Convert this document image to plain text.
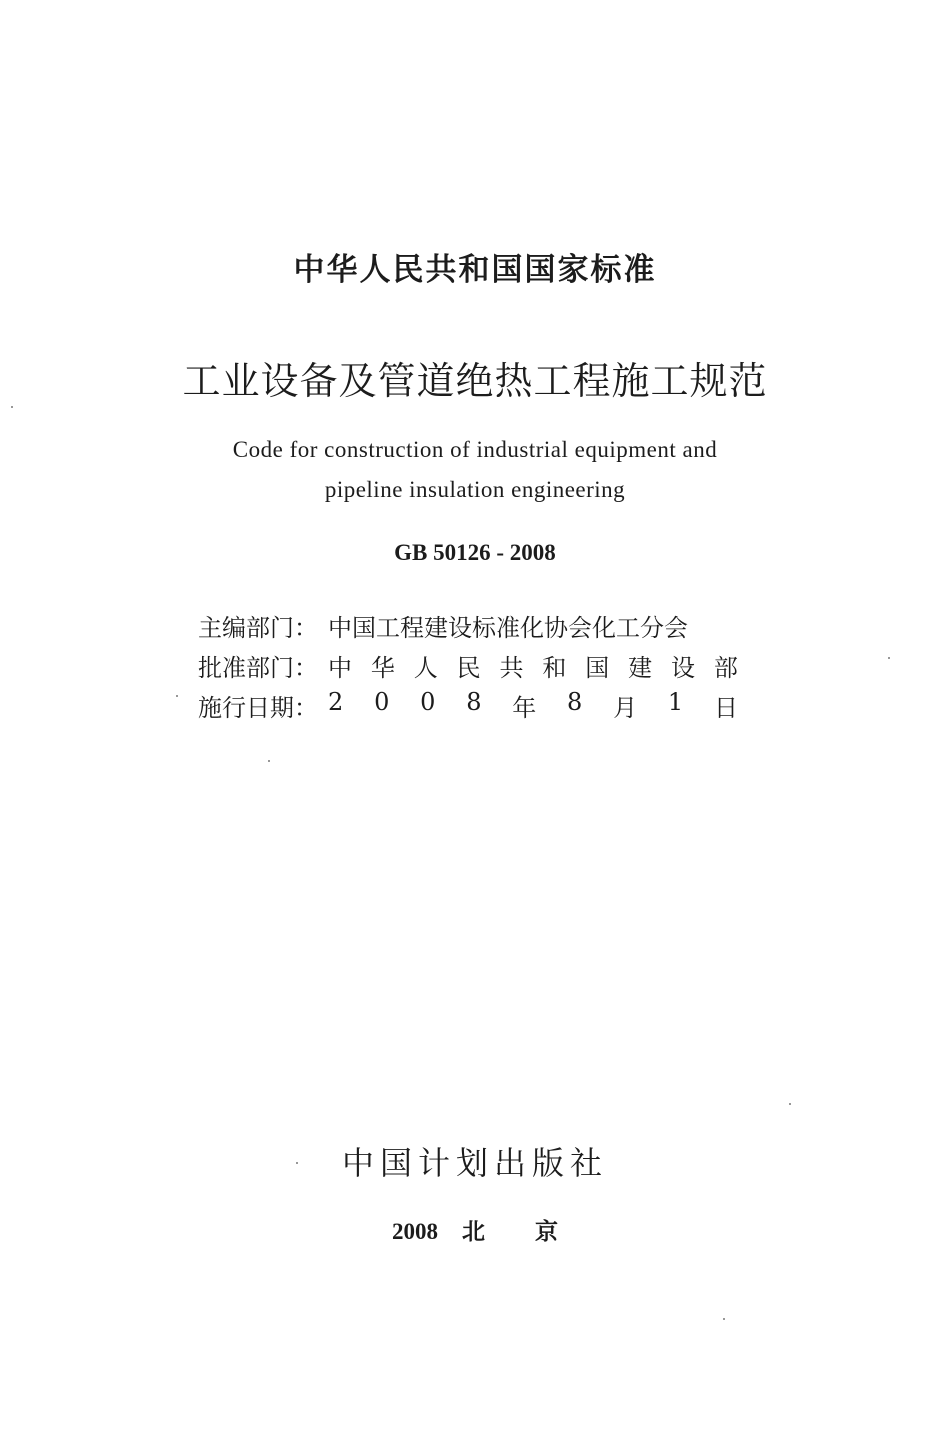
中华人民共和国国家标准
工业设备及管道绝热工程施工规范
Code for construction of industrial equipment and
pipeline insulation engineering
GB 50126 - 2008
主编部门： 中国工程建设标准化协会化工分会
批准部门： 中 华 人 民 共 和 国 建 设 部
施行日期： 2 0 0 8 年 8 月 1 日
中国计划出版社
2008 北 京
